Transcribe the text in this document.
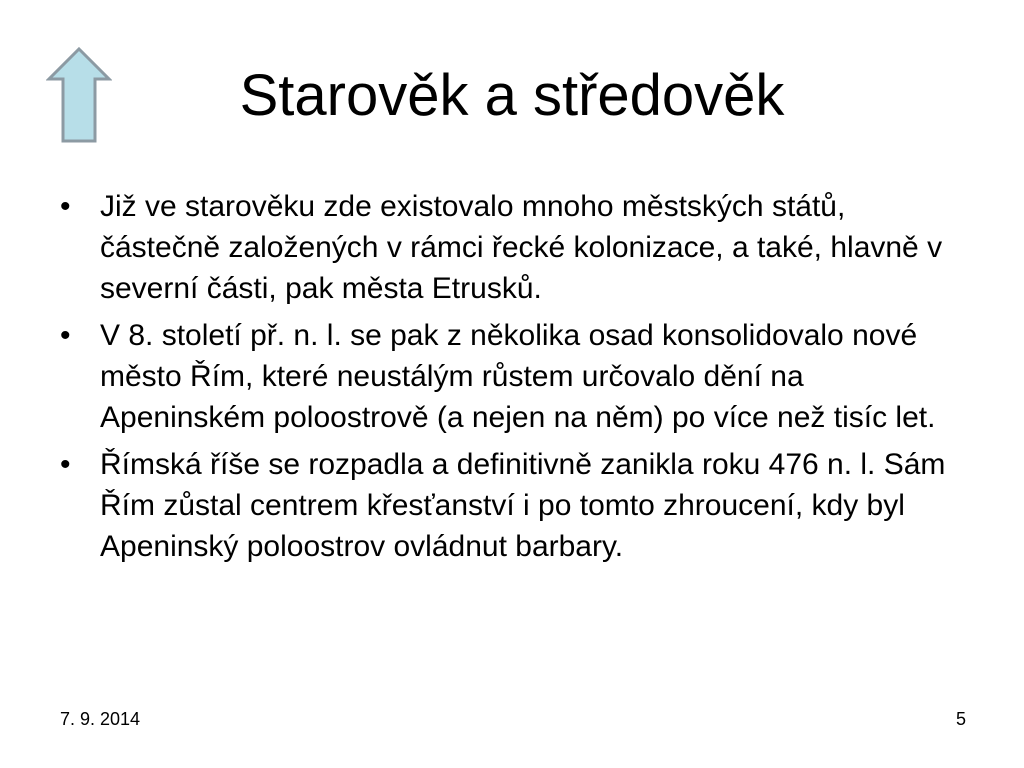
Starověk a středověk
• Již ve starověku zde existovalo mnoho městských států, částečně založených v rámci řecké kolonizace, a také, hlavně v severní části, pak města Etrusků.
• V 8. století př. n. l. se pak z několika osad konsolidovalo nové město Řím, které neustálým růstem určovalo dění na Apeninském poloostrově (a nejen na něm) po více než tisíc let.
• Římská říše se rozpadla a definitivně zanikla roku 476 n. l. Sám Řím zůstal centrem křesťanství i po tomto zhroucení, kdy byl Apeninský poloostrov ovládnut barbary.
7. 9. 2014	5
